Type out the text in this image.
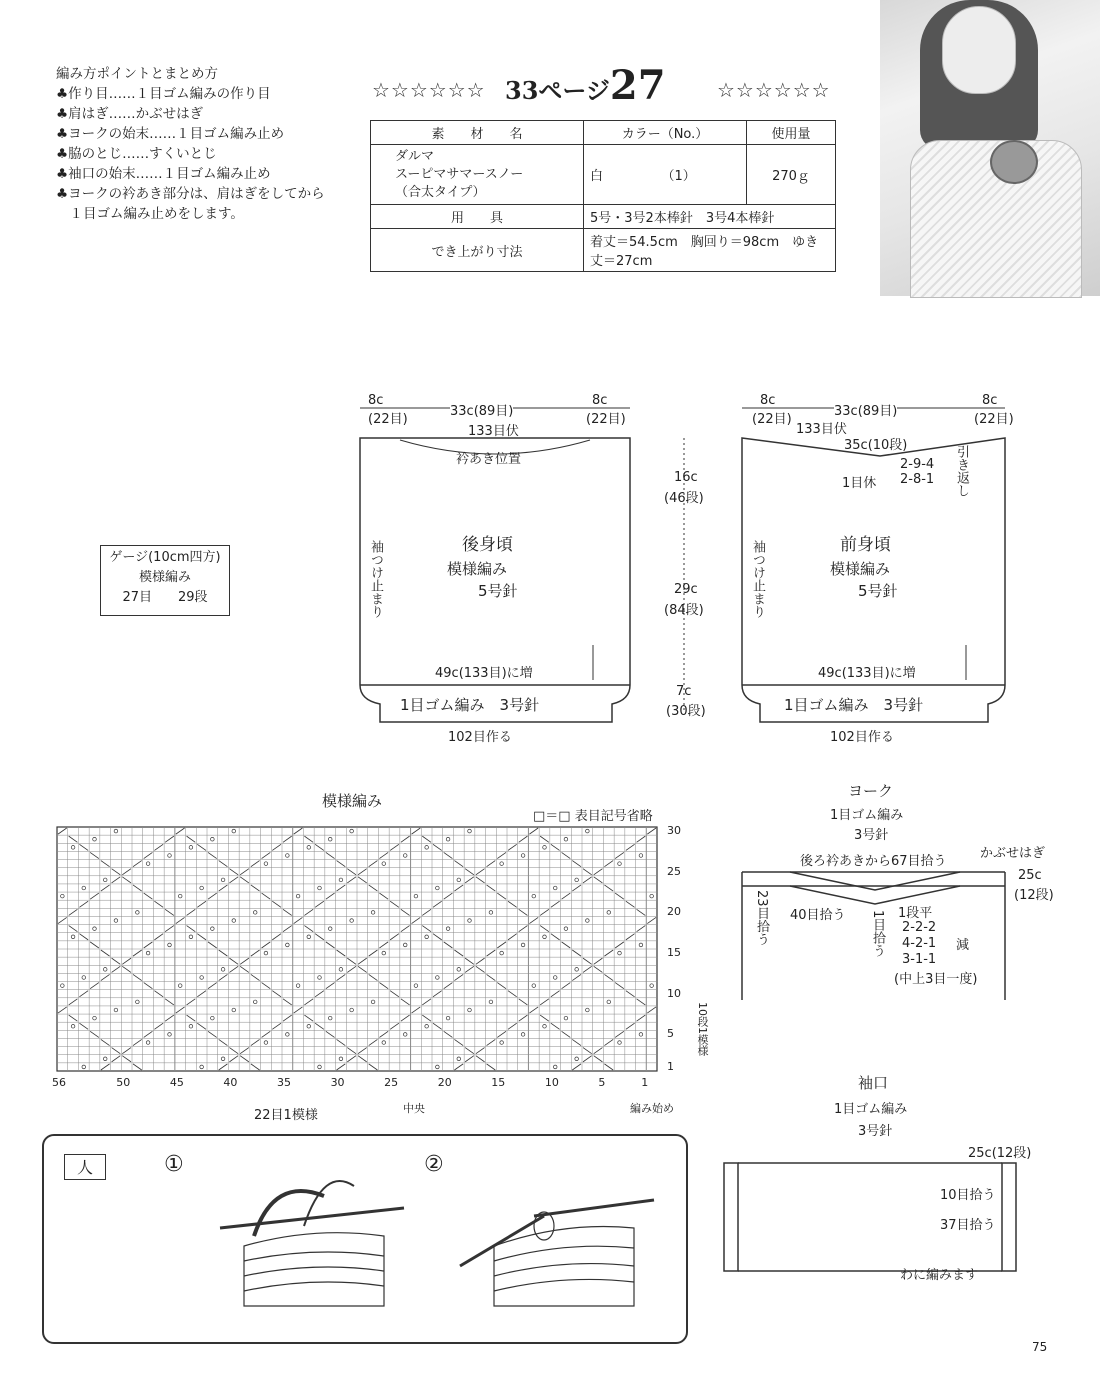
編み方ポイントとまとめ方
♣作り目……１目ゴム編みの作り目
♣肩はぎ……かぶせはぎ
♣ヨークの始末……１目ゴム編み止め
♣脇のとじ……すくいとじ
♣袖口の始末……１目ゴム編み止め
♣ヨークの衿あき部分は、肩はぎをしてから
　１目ゴム編み止めをします。
☆☆☆☆☆☆ 33ページ27	☆☆☆☆☆☆
素　　材　　名	カラー（No.）	使用量
ダルマ
スーピマサマースノー
（合太タイプ）	白　　　　　（1）	270ｇ
用　　具	5号・3号2本棒針　3号4本棒針	
でき上がり寸法	着丈＝54.5cm　胸回り＝98cm　ゆき丈＝27cm	
ゲージ(10cm四方)
模様編み
27目　　29段
8c
(22目)
33c(89目)
8c
(22目)
133目伏
衿あき位置
後身頃
模様編み
5号針
袖つけ止まり
49c(133目)に増
1目ゴム編み　3号針
102目作る
16c
(46段)
29c
(84段)
7c
(30段)
8c
(22目)
33c(89目)
8c
(22目)
133目伏
35c(10段)
1目休
2-9-4
2-8-1 引き返し
前身頃
模様編み
5号針
袖つけ止まり
49c(133目)に増
1目ゴム編み　3号針
102目作る
模様編み
□＝□ 表目記号省略
30
25
20
15
10
5
1
56	50	45	40	35	30	25	20	15	10	5	1
22目1模様	中央	編み始め
10段1模様
ヨーク
1目ゴム編み
3号針
後ろ衿あきから67目拾う
かぶせはぎ
25c
(12段)
23目拾う 40目拾う 1目拾う 1段平
2-2-2
4-2-1
3-1-1
減
(中上3目一度)
袖口
1目ゴム編み
3号針
25c(12段)
10目拾う
37目拾う
わに編みます
人	①	②
75
